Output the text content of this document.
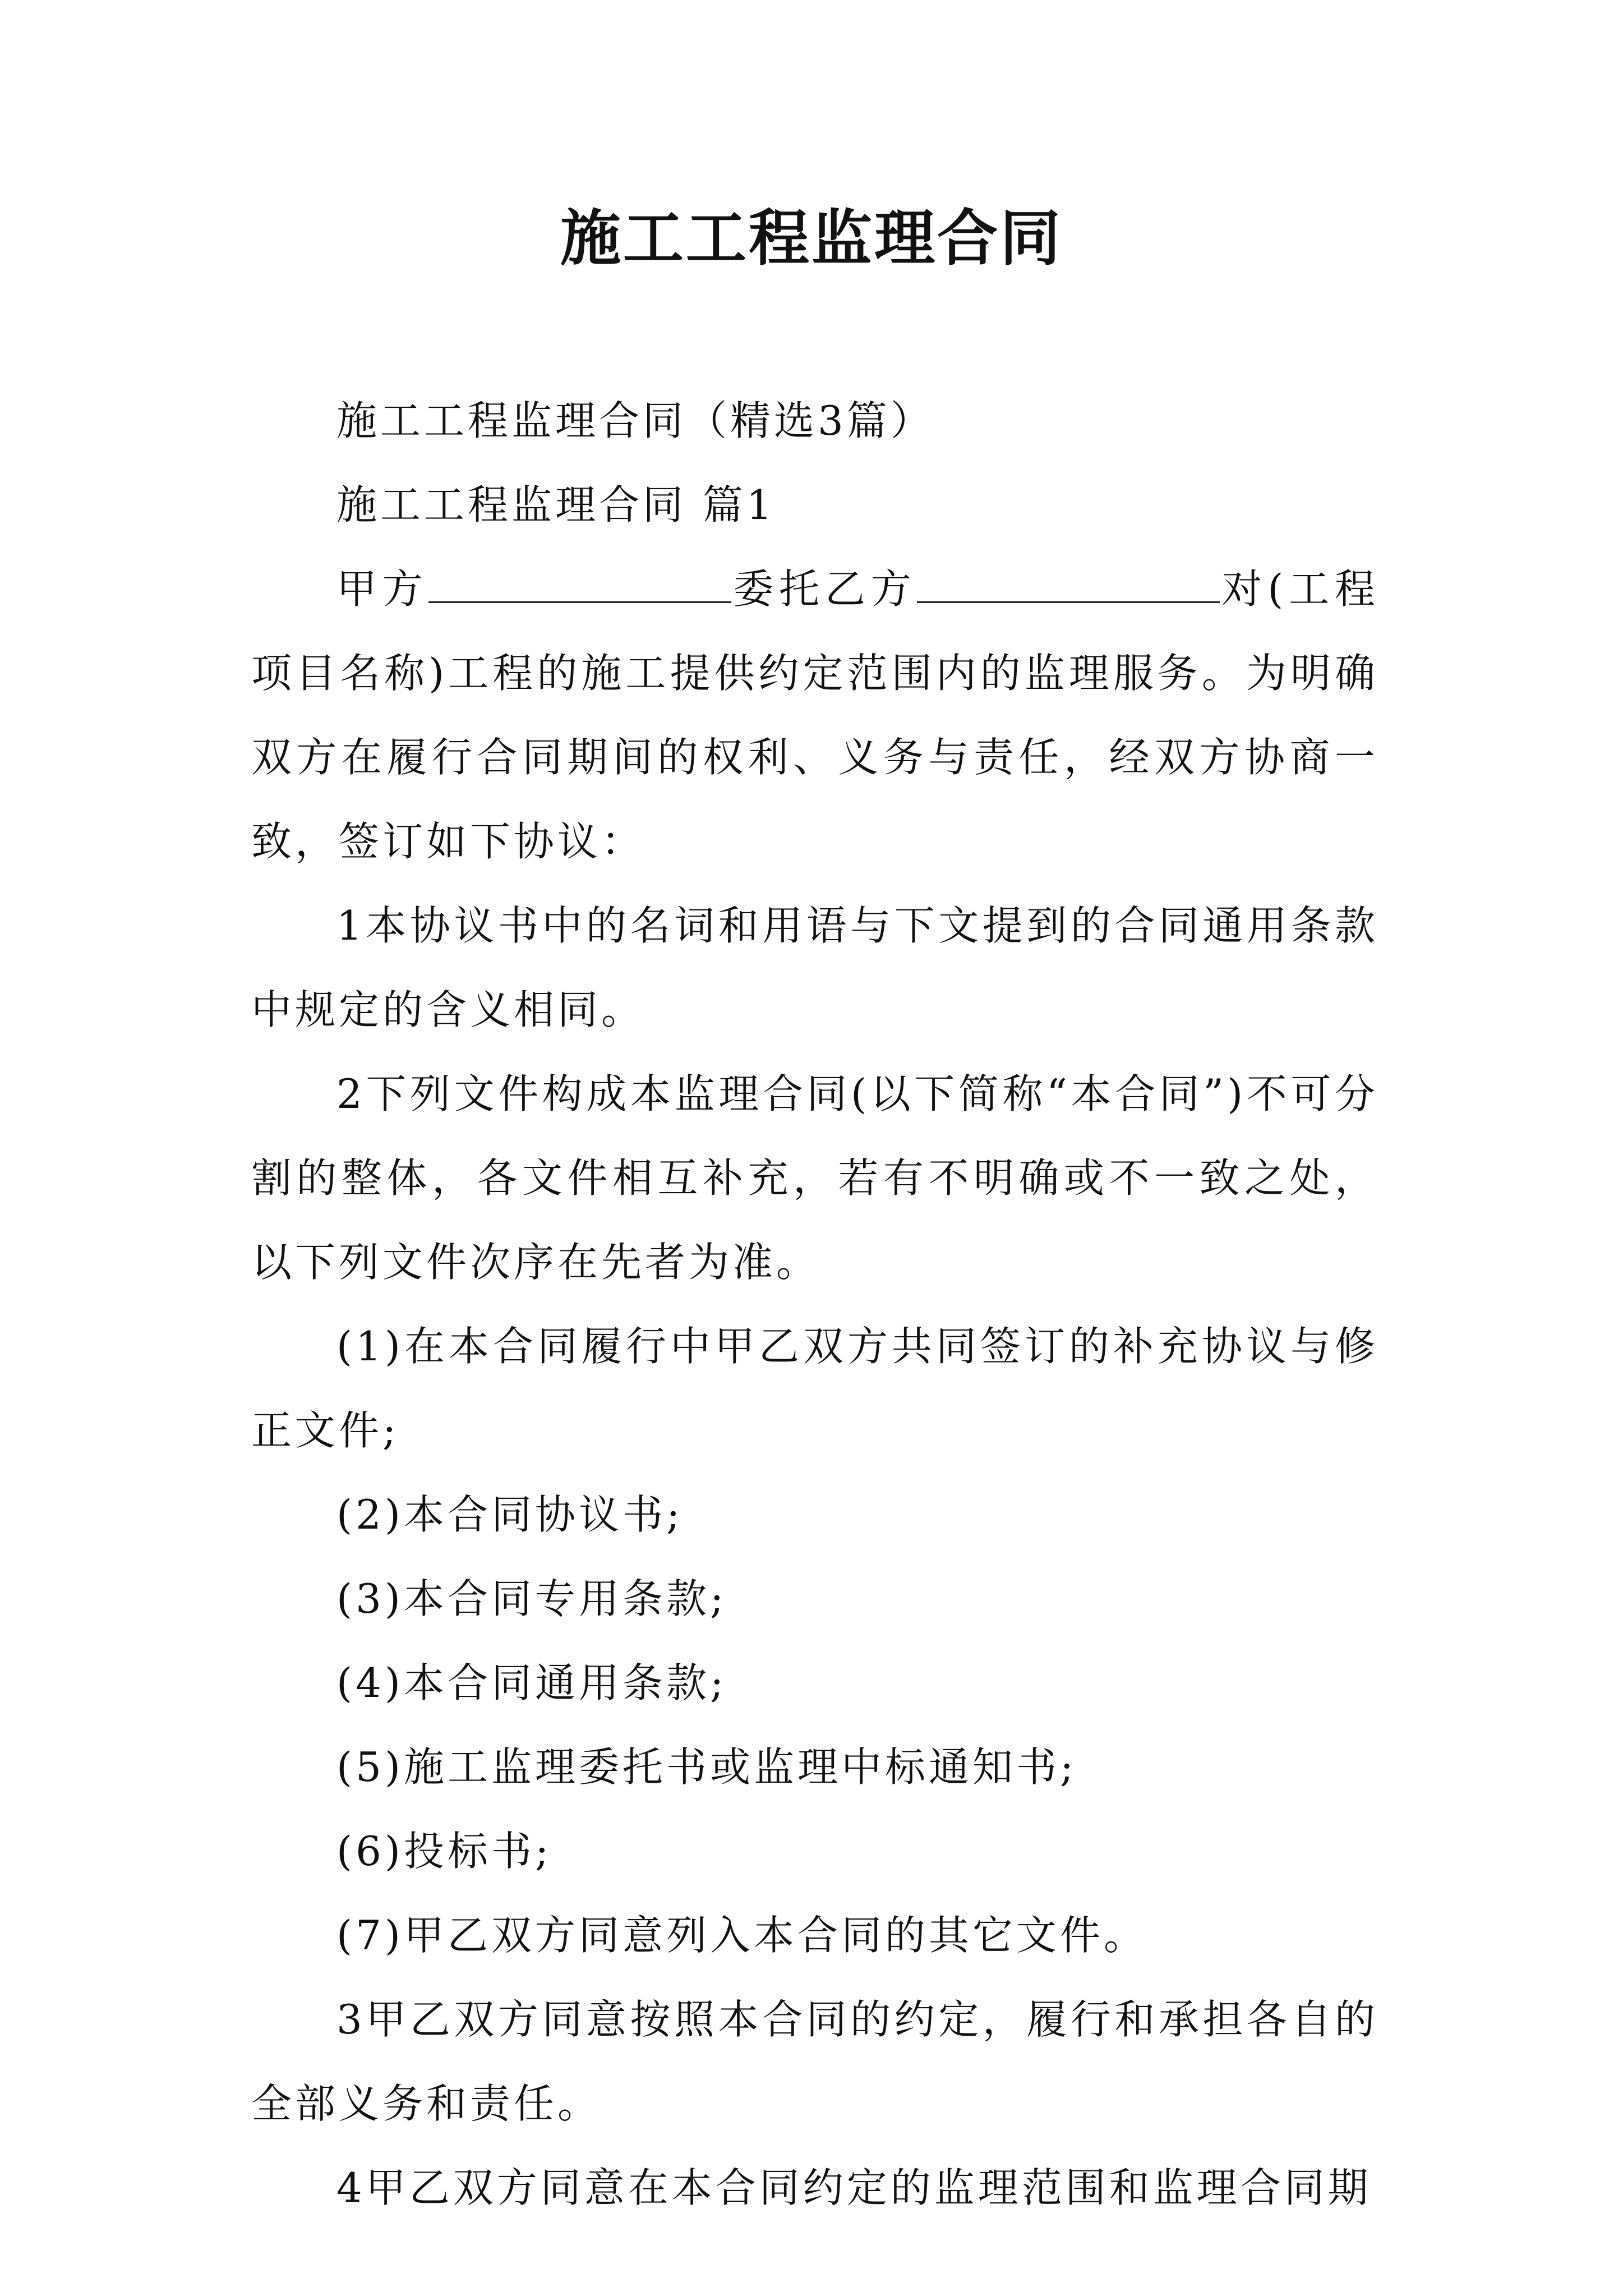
施工工程监理合同

施工工程监理合同（精选3篇）

施工工程监理合同 篇1

甲方	委托乙方	对(工程项目名称)工程的施工提供约定范围内的监理服务。为明确双方在履行合同期间的权利、义务与责任，经双方协商一致，签订如下协议：

1本协议书中的名词和用语与下文提到的合同通用条款中规定的含义相同。

2下列文件构成本监理合同(以下简称“本合同”)不可分割的整体，各文件相互补充，若有不明确或不一致之处，以下列文件次序在先者为准。

(1)在本合同履行中甲乙双方共同签订的补充协议与修正文件;

(2)本合同协议书;

(3)本合同专用条款;

(4)本合同通用条款;

(5)施工监理委托书或监理中标通知书;

(6)投标书;

(7)甲乙双方同意列入本合同的其它文件。

3甲乙双方同意按照本合同的约定，履行和承担各自的全部义务和责任。

4甲乙双方同意在本合同约定的监理范围和监理合同期
